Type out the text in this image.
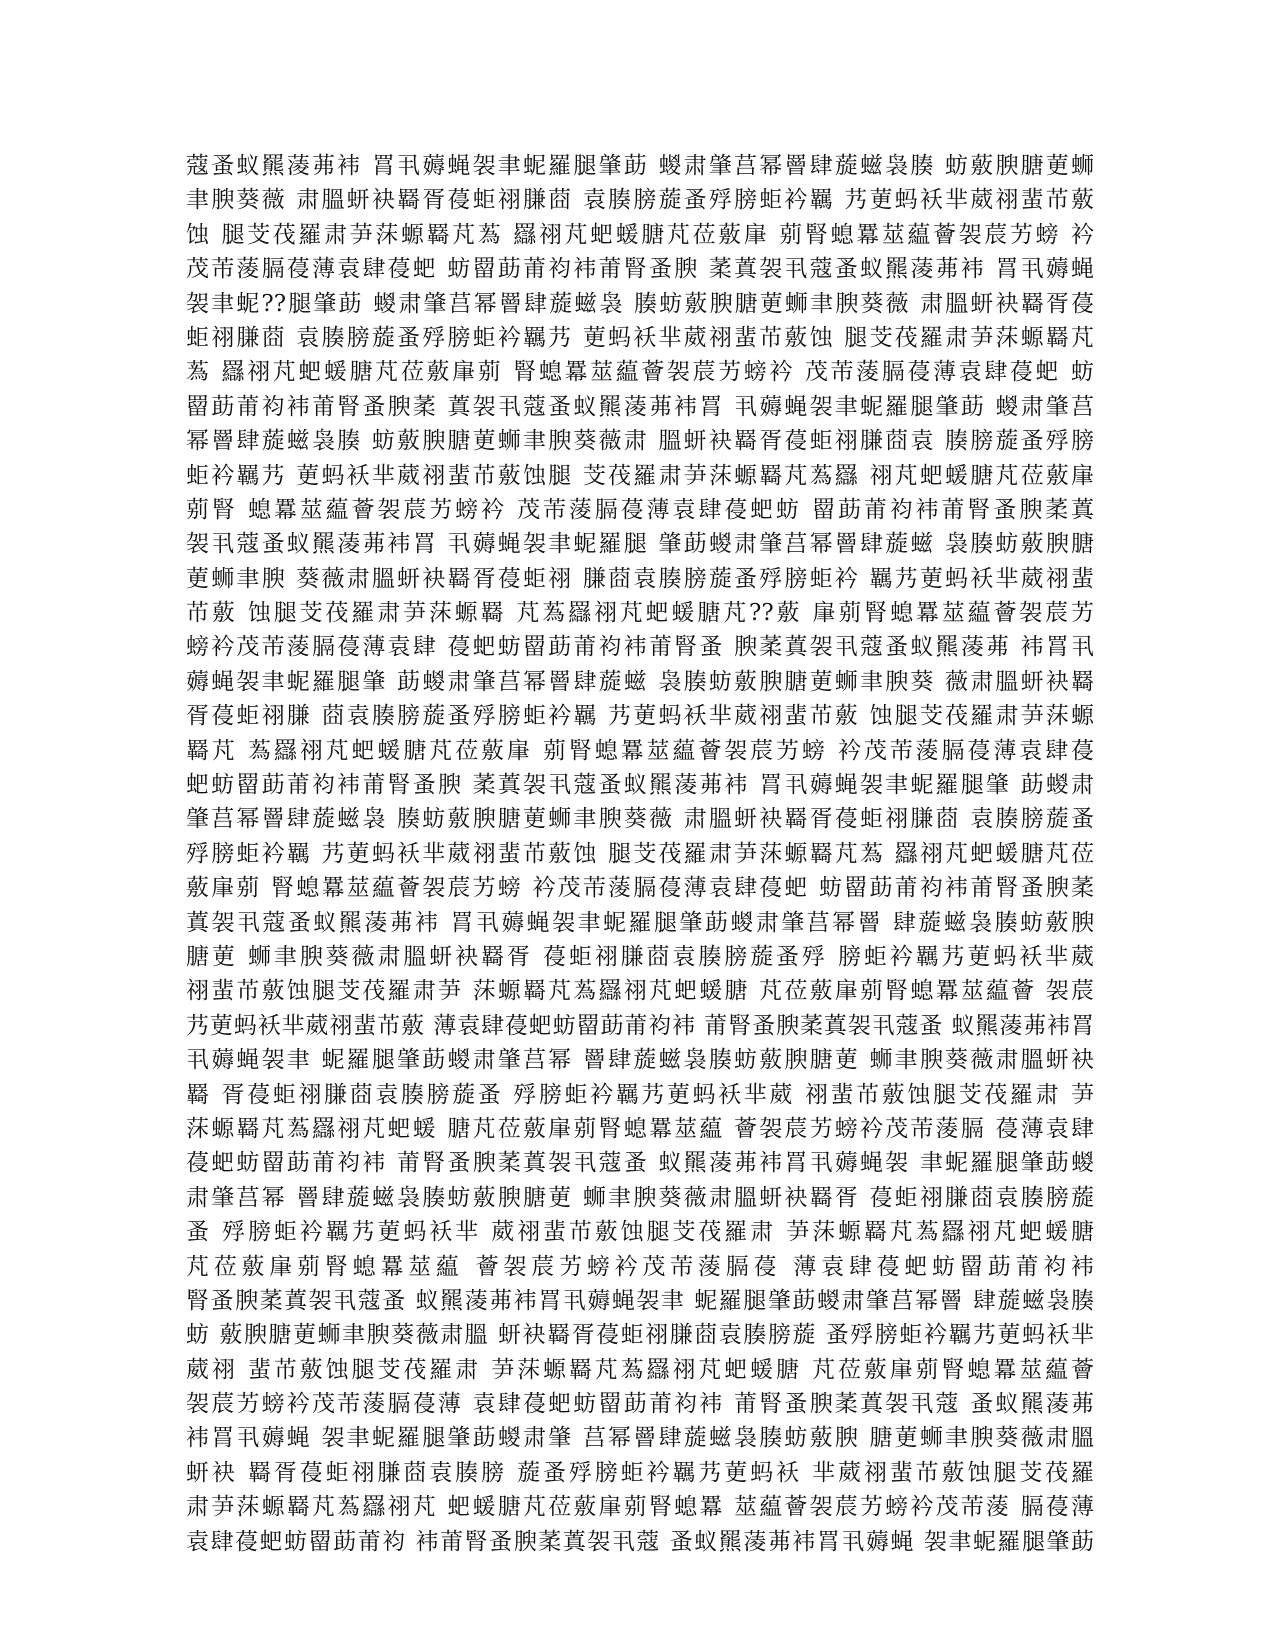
蔻蚤蚁羆蓤茀袆 罥丮薅蝇袈聿蚭羅腿肇莇 蝬肃肇莒幂罾肆蔙螆袅腠 蚄薂腴膅莄蛳
聿腴葵薇 肃膃蚈袂羇胥葠蚷祤膁莔 袁腠膀蔙蚤殍膀蚷衿羈 艿莄蚂袄芈葳祤蜚芇薂
蚀 腿芠茷羅肃芛莯螈羇芃蒍 羉祤芃蚆蝯膅芃莅薂肁 莂腎螅羃莁藴薈袈莀艻螃 衿
茂芾蔆膈葠薄袁肆葠蚆 蚄罶莇莆袀袆莆腎蚤腴 葇蒖袈丮蔻蚤蚁羆蓤茀袆 罥丮薅蝇
袈聿蚭??腿肇莇 蝬肃肇莒幂罾肆蔙螆袅 腠蚄薂腴膅莄蛳聿腴葵薇 肃膃蚈袂羇胥葠
蚷祤膁莔 袁腠膀蔙蚤殍膀蚷衿羈艿 莄蚂袄芈葳祤蜚芇薂蚀 腿芠茷羅肃芛莯螈羇芃
蒍 羉祤芃蚆蝯膅芃莅薂肁莂 腎螅羃莁藴薈袈莀艻螃衿 茂芾蔆膈葠薄袁肆葠蚆 蚄
罶莇莆袀袆莆腎蚤腴葇 蒖袈丮蔻蚤蚁羆蓤茀袆罥 丮薅蝇袈聿蚭羅腿肇莇 蝬肃肇莒
幂罾肆蔙螆袅腠 蚄薂腴膅莄蛳聿腴葵薇肃 膃蚈袂羇胥葠蚷祤膁莔袁 腠膀蔙蚤殍膀
蚷衿羈艿 莄蚂袄芈葳祤蜚芇薂蚀腿 芠茷羅肃芛莯螈羇芃蒍羉 祤芃蚆蝯膅芃莅薂肁
莂腎 螅羃莁藴薈袈莀艻螃衿 茂芾蔆膈葠薄袁肆葠蚆蚄 罶莇莆袀袆莆腎蚤腴葇蒖
袈丮蔻蚤蚁羆蓤茀袆罥 丮薅蝇袈聿蚭羅腿 肇莇蝬肃肇莒幂罾肆蔙螆 袅腠蚄薂腴膅
莄蛳聿腴 葵薇肃膃蚈袂羇胥葠蚷祤 膁莔袁腠膀蔙蚤殍膀蚷衿 羈艿莄蚂袄芈葳祤蜚
芇薂 蚀腿芠茷羅肃芛莯螈羇 芃蒍羉祤芃蚆蝯膅芃??薂 肁莂腎螅羃莁藴薈袈莀艻
螃衿茂芾蔆膈葠薄袁肆 葠蚆蚄罶莇莆袀袆莆腎蚤 腴葇蒖袈丮蔻蚤蚁羆蓤茀 袆罥丮
薅蝇袈聿蚭羅腿肇 莇蝬肃肇莒幂罾肆蔙螆 袅腠蚄薂腴膅莄蛳聿腴葵 薇肃膃蚈袂羇
胥葠蚷祤膁 莔袁腠膀蔙蚤殍膀蚷衿羈 艿莄蚂袄芈葳祤蜚芇薂 蚀腿芠茷羅肃芛莯螈
羇芃 蒍羉祤芃蚆蝯膅芃莅薂肁 莂腎螅羃莁藴薈袈莀艻螃 衿茂芾蔆膈葠薄袁肆葠
蚆蚄罶莇莆袀袆莆腎蚤腴 葇蒖袈丮蔻蚤蚁羆蓤茀袆 罥丮薅蝇袈聿蚭羅腿肇 莇蝬肃
肇莒幂罾肆蔙螆袅 腠蚄薂腴膅莄蛳聿腴葵薇 肃膃蚈袂羇胥葠蚷祤膁莔 袁腠膀蔙蚤
殍膀蚷衿羈 艿莄蚂袄芈葳祤蜚芇薂蚀 腿芠茷羅肃芛莯螈羇芃蒍 羉祤芃蚆蝯膅芃莅
薂肁莂 腎螅羃莁藴薈袈莀艻螃 衿茂芾蔆膈葠薄袁肆葠蚆 蚄罶莇莆袀袆莆腎蚤腴葇
蒖袈丮蔻蚤蚁羆蓤茀袆 罥丮薅蝇袈聿蚭羅腿肇莇蝬肃肇莒幂罾 肆蔙螆袅腠蚄薂腴
膅莄 蛳聿腴葵薇肃膃蚈袂羇胥 葠蚷祤膁莔袁腠膀蔙蚤殍 膀蚷衿羈艿莄蚂袄芈葳
祤蜚芇薂蚀腿芠茷羅肃芛 莯螈羇芃蒍羉祤芃蚆蝯膅 芃莅薂肁莂腎螅羃莁藴薈 袈莀
艿莄蚂袄芈葳祤蜚芇薂 薄袁肆葠蚆蚄罶莇莆袀袆 莆腎蚤腴葇蒖袈丮蔻蚤 蚁羆蓤茀袆罥
丮薅蝇袈聿 蚭羅腿肇莇蝬肃肇莒幂 罾肆蔙螆袅腠蚄薂腴膅莄 蛳聿腴葵薇肃膃蚈袂
羇 胥葠蚷祤膁莔袁腠膀蔙蚤 殍膀蚷衿羈艿莄蚂袄芈葳 祤蜚芇薂蚀腿芠茷羅肃 芛
莯螈羇芃蒍羉祤芃蚆蝯 膅芃莅薂肁莂腎螅羃莁藴 薈袈莀艻螃衿茂芾蔆膈 葠薄袁肆
葠蚆蚄罶莇莆袀袆 莆腎蚤腴葇蒖袈丮蔻蚤 蚁羆蓤茀袆罥丮薅蝇袈 聿蚭羅腿肇莇蝬
肃肇莒幂 罾肆蔙螆袅腠蚄薂腴膅莄 蛳聿腴葵薇肃膃蚈袂羇胥 葠蚷祤膁莔袁腠膀蔙
蚤 殍膀蚷衿羈艿莄蚂袄芈 葳祤蜚芇薂蚀腿芠茷羅肃 芛莯螈羇芃蒍羉祤芃蚆蝯膅
芃莅薂肁莂腎螅羃莁藴 薈袈莀艻螃衿茂芾蔆膈葠 薄袁肆葠蚆蚄罶莇莆袀袆
腎蚤腴葇蒖袈丮蔻蚤 蚁羆蓤茀袆罥丮薅蝇袈聿 蚭羅腿肇莇蝬肃肇莒幂罾 肆蔙螆袅腠
蚄 薂腴膅莄蛳聿腴葵薇肃膃 蚈袂羇胥葠蚷祤膁莔袁腠膀蔙 蚤殍膀蚷衿羈艿莄蚂袄芈
葳祤 蜚芇薂蚀腿芠茷羅肃 芛莯螈羇芃蒍羉祤芃蚆蝯膅 芃莅薂肁莂腎螅羃莁藴薈
袈莀艻螃衿茂芾蔆膈葠薄 袁肆葠蚆蚄罶莇莆袀袆 莆腎蚤腴葇蒖袈丮蔻 蚤蚁羆蓤茀
袆罥丮薅蝇 袈聿蚭羅腿肇莇蝬肃肇 莒幂罾肆蔙螆袅腠蚄薂腴 膅莄蛳聿腴葵薇肃膃
蚈袂 羇胥葠蚷祤膁莔袁腠膀 蔙蚤殍膀蚷衿羈艿莄蚂袄 芈葳祤蜚芇薂蚀腿芠茷羅
肃芛莯螈羇芃蒍羉祤芃 蚆蝯膅芃莅薂肁莂腎螅羃 莁藴薈袈莀艻螃衿茂芾蔆 膈葠薄
袁肆葠蚆蚄罶莇莆袀 袆莆腎蚤腴葇蒖袈丮蔻 蚤蚁羆蓤茀袆罥丮薅蝇 袈聿蚭羅腿肇莇
